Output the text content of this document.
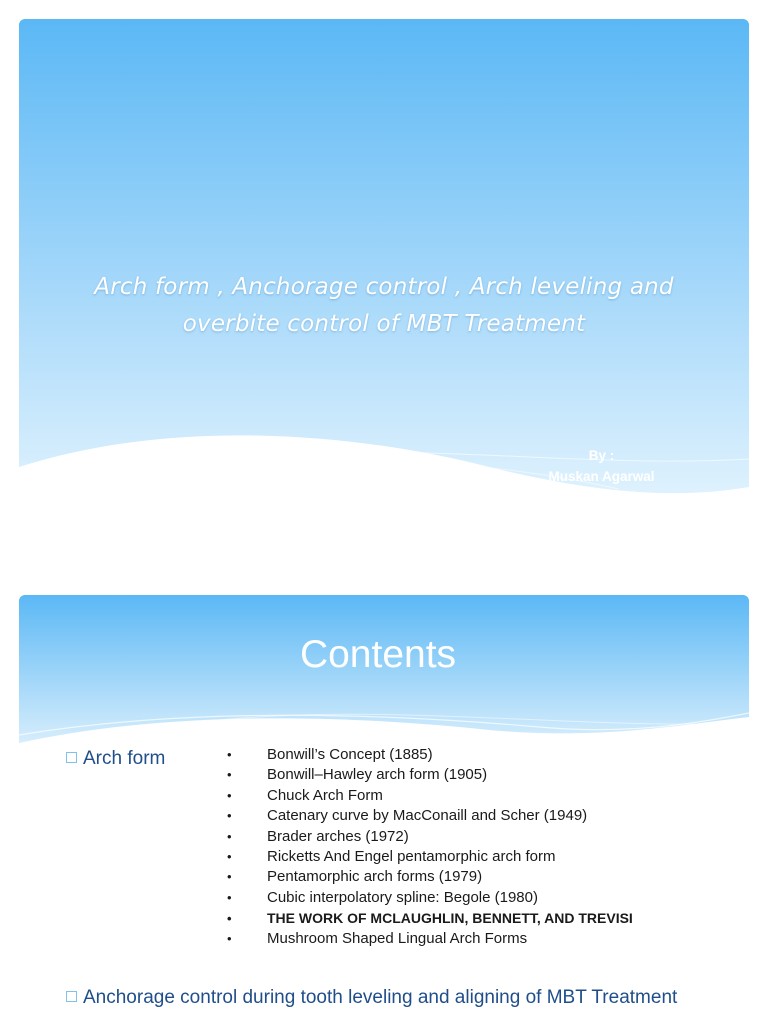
Arch form , Anchorage control , Arch leveling and
overbite control of MBT Treatment
By :
Muskan Agarwal
PG 1st Year
Contents
Arch form	• Bonwill’s Concept (1885)
• Bonwill–Hawley arch form (1905)
• Chuck Arch Form
• Catenary curve by MacConaill and Scher (1949)
• Brader arches (1972)
• Ricketts And Engel pentamorphic arch form
• Pentamorphic arch forms (1979)
• Cubic interpolatory spline: Begole (1980)
•	THE WORK OF MCLAUGHLIN, BENNETT, AND TREVISI
• Mushroom Shaped Lingual Arch Forms
Anchorage control during tooth leveling and aligning of MBT Treatment
